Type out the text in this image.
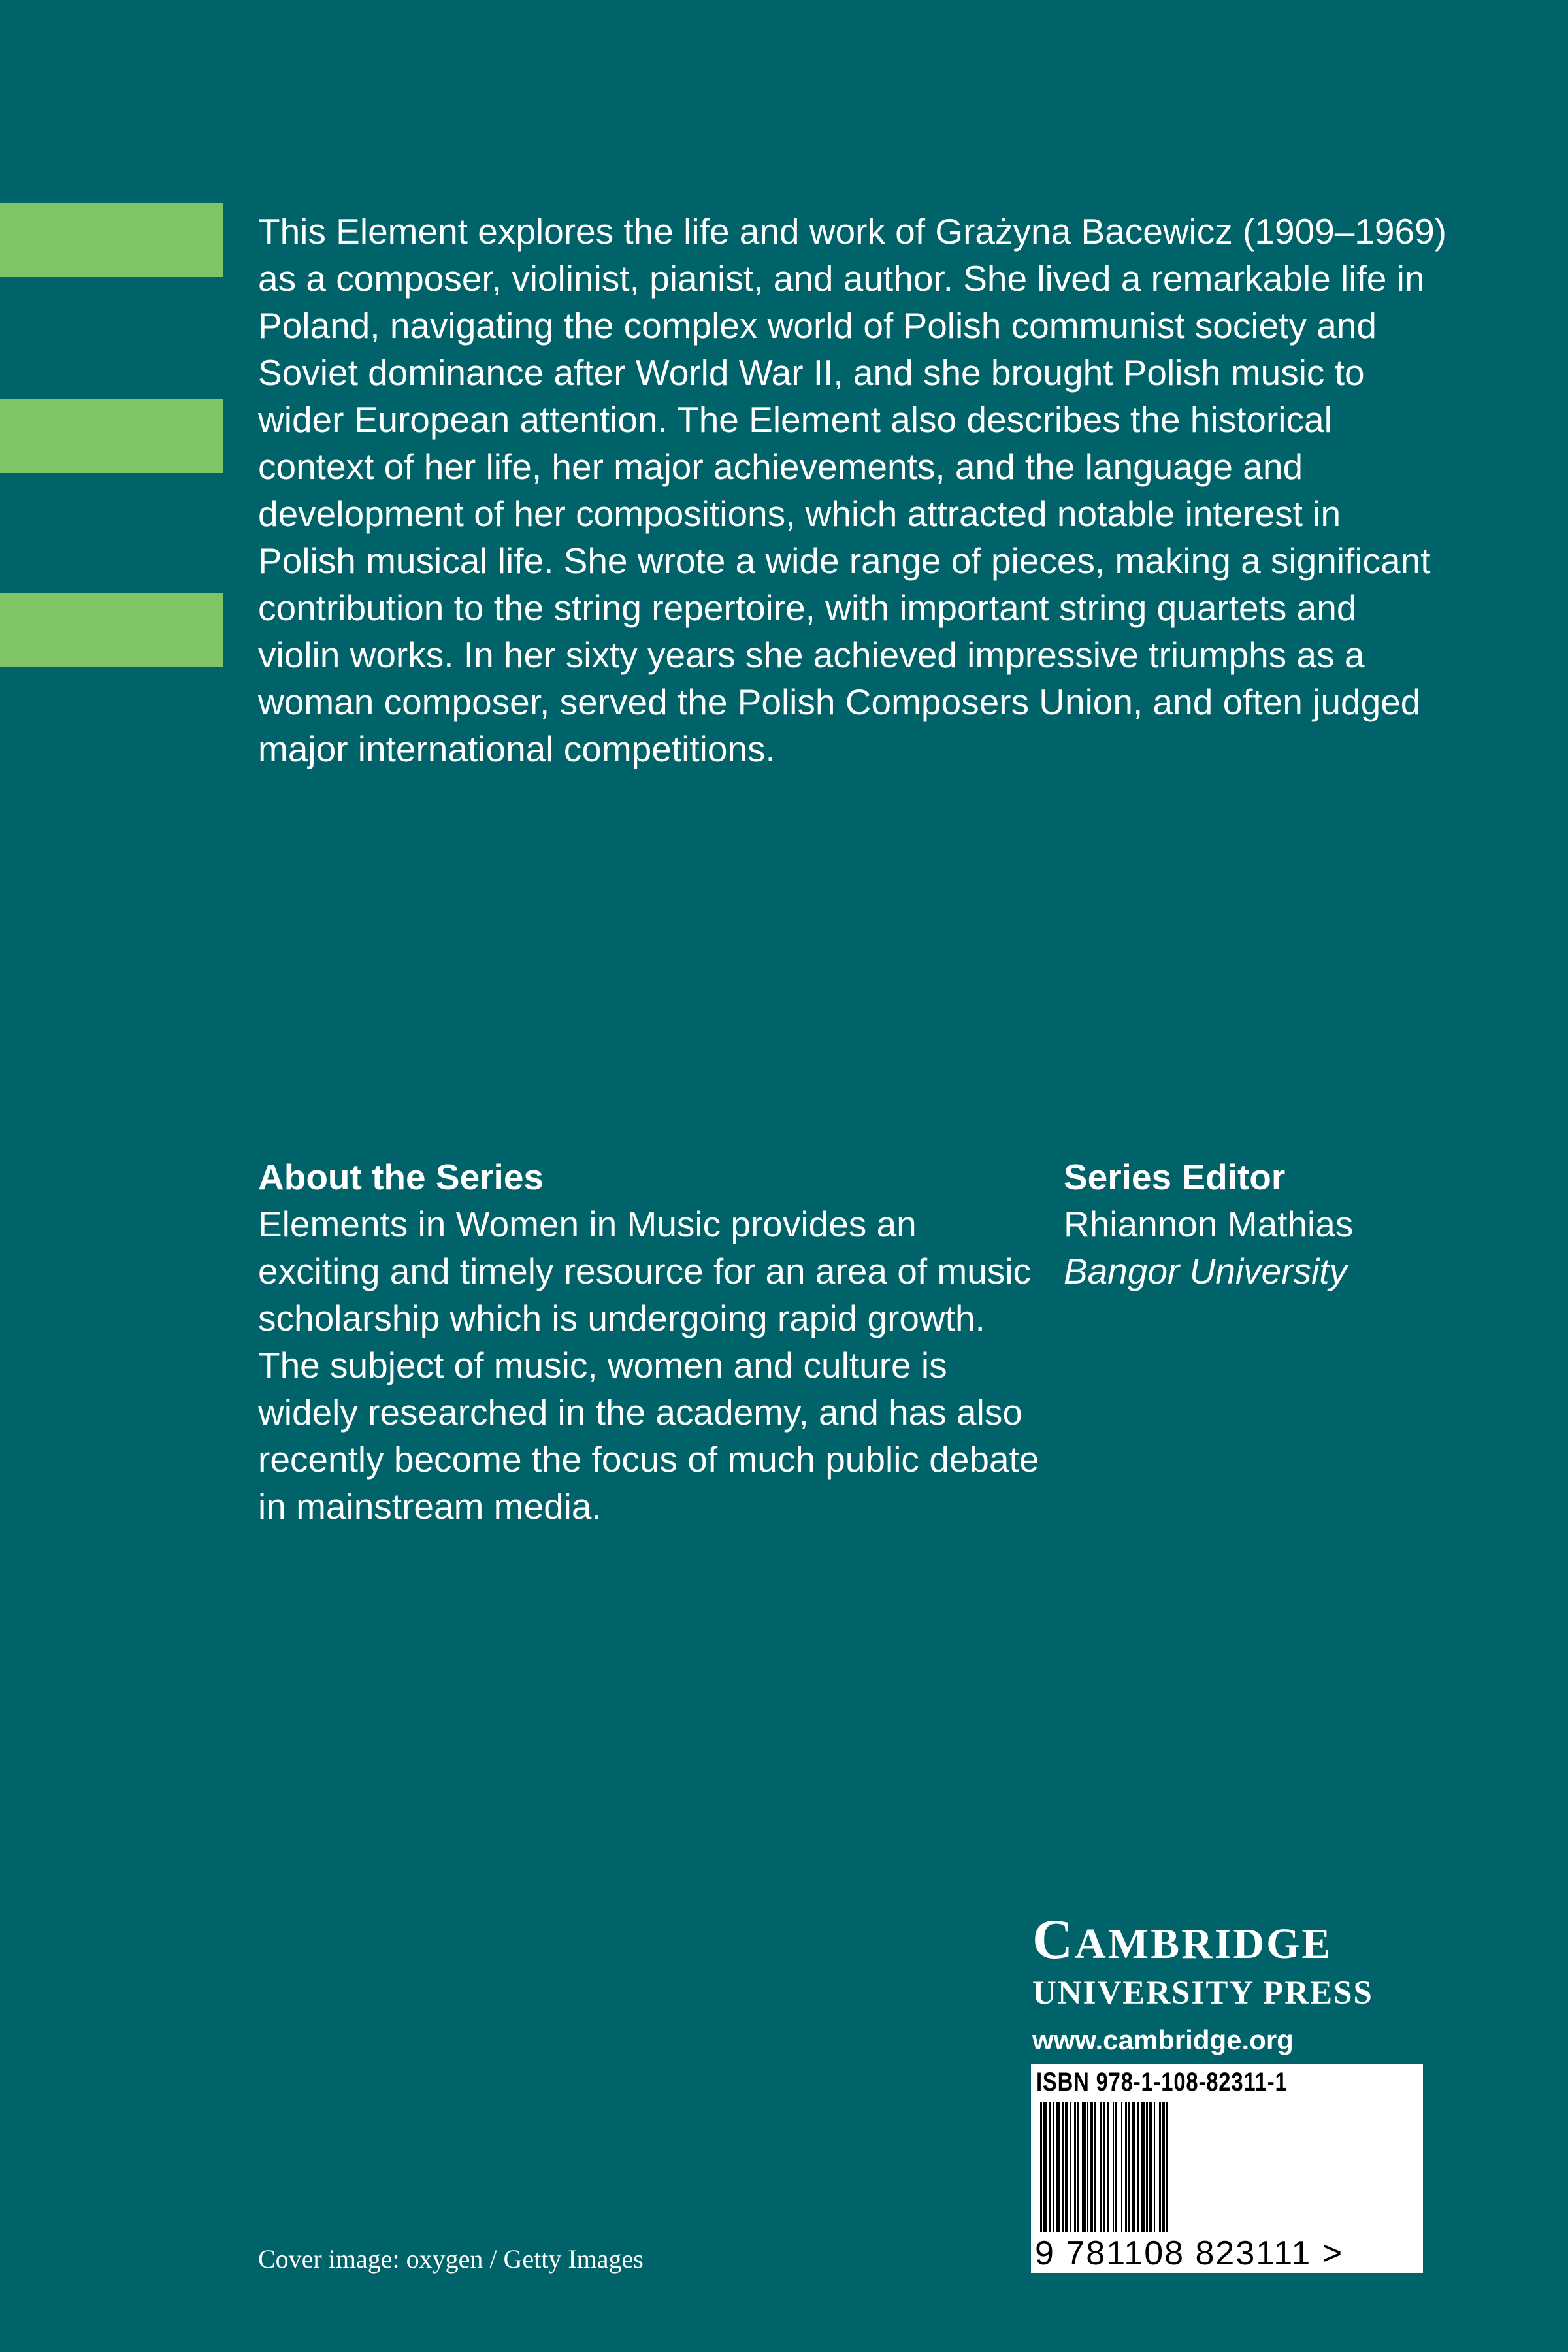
This Element explores the life and work of Grażyna Bacewicz (1909–1969) as a composer, violinist, pianist, and author. She lived a remarkable life in Poland, navigating the complex world of Polish communist society and Soviet dominance after World War II, and she brought Polish music to wider European attention. The Element also describes the historical context of her life, her major achievements, and the language and development of her compositions, which attracted notable interest in Polish musical life. She wrote a wide range of pieces, making a significant contribution to the string repertoire, with important string quartets and violin works. In her sixty years she achieved impressive triumphs as a woman composer, served the Polish Composers Union, and often judged major international competitions.

About the Series

Elements in Women in Music provides an exciting and timely resource for an area of music scholarship which is undergoing rapid growth. The subject of music, women and culture is widely researched in the academy, and has also recently become the focus of much public debate in mainstream media.

Series Editor
Rhiannon Mathias
Bangor University
CAMBRIDGE
UNIVERSITY PRESS
www.cambridge.org
ISBN 978-1-108-82311-1
9 781108 823111 >
Cover image: oxygen / Getty Images
